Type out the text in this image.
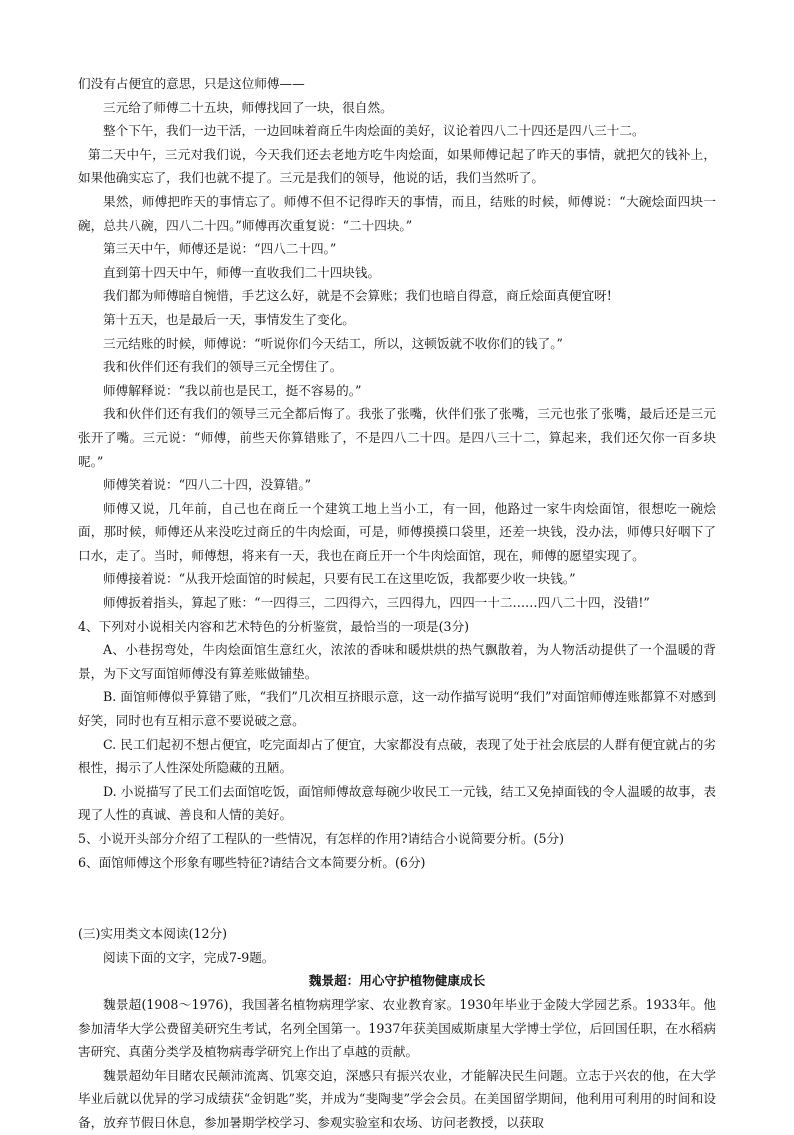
们没有占便宜的意思，只是这位师傅——

三元给了师傅二十五块，师傅找回了一块，很自然。

整个下午，我们一边干活，一边回味着商丘牛肉烩面的美好，议论着四八二十四还是四八三十二。

第二天中午，三元对我们说，今天我们还去老地方吃牛肉烩面，如果师傅记起了昨天的事情，就把欠的钱补上，如果他确实忘了，我们也就不提了。三元是我们的领导，他说的话，我们当然听了。

果然，师傅把昨天的事情忘了。师傅不但不记得昨天的事情，而且，结账的时候，师傅说：“大碗烩面四块一碗，总共八碗，四八二十四。”师傅再次重复说：“二十四块。”

第三天中午，师傅还是说：“四八二十四。”

直到第十四天中午，师傅一直收我们二十四块钱。

我们都为师傅暗自惋惜，手艺这么好，就是不会算账；我们也暗自得意，商丘烩面真便宜呀!

第十五天，也是最后一天，事情发生了变化。

三元结账的时候，师傅说：“听说你们今天结工，所以，这顿饭就不收你们的钱了。”

我和伙伴们还有我们的领导三元全愣住了。

师傅解释说：“我以前也是民工，挺不容易的。”

我和伙伴们还有我们的领导三元全都后悔了。我张了张嘴，伙伴们张了张嘴，三元也张了张嘴，最后还是三元张开了嘴。三元说：“师傅，前些天你算错账了，不是四八二十四。是四八三十二，算起来，我们还欠你一百多块呢。”

师傅笑着说：“四八二十四，没算错。”

师傅又说，几年前，自己也在商丘一个建筑工地上当小工，有一回，他路过一家牛肉烩面馆，很想吃一碗烩面，那时候，师傅还从来没吃过商丘的牛肉烩面，可是，师傅摸摸口袋里，还差一块钱，没办法，师傅只好咽下了口水，走了。当时，师傅想，将来有一天，我也在商丘开一个牛肉烩面馆，现在，师傅的愿望实现了。

师傅接着说：“从我开烩面馆的时候起，只要有民工在这里吃饭，我都要少收一块钱。”

师傅扳着指头，算起了账：“一四得三，二四得六，三四得九，四四一十二……四八二十四，没错!”

4、下列对小说相关内容和艺术特色的分析鉴赏，最恰当的一项是(3分)

A、小巷拐弯处，牛肉烩面馆生意红火，浓浓的香味和暖烘烘的热气飘散着，为人物活动提供了一个温暖的背景，为下文写面馆师傅没有算差账做铺垫。

B. 面馆师傅似乎算错了账，“我们”几次相互挤眼示意，这一动作描写说明“我们”对面馆师傅连账都算不对感到好笑，同时也有互相示意不要说破之意。

C. 民工们起初不想占便宜，吃完面却占了便宜，大家都没有点破，表现了处于社会底层的人群有便宜就占的劣根性，揭示了人性深处所隐藏的丑陋。

D. 小说描写了民工们去面馆吃饭，面馆师傅故意每碗少收民工一元钱，结工又免掉面钱的令人温暖的故事，表现了人性的真诚、善良和人情的美好。

5、小说开头部分介绍了工程队的一些情况，有怎样的作用?请结合小说简要分析。(5分)

6、面馆师傅这个形象有哪些特征?请结合文本简要分析。(6分)

(三)实用类文本阅读(12分)

阅读下面的文字，完成7-9题。

魏景超：用心守护植物健康成长

魏景超(1908～1976)，我国著名植物病理学家、农业教育家。1930年毕业于金陵大学园艺系。1933年。他参加清华大学公费留美研究生考试，名列全国第一。1937年获美国威斯康星大学博士学位，后回国任职，在水稻病害研究、真菌分类学及植物病毒学研究上作出了卓越的贡献。

魏景超幼年目睹农民颠沛流离、饥寒交迫，深感只有振兴农业，才能解决民生问题。立志于兴农的他，在大学毕业后就以优异的学习成绩获“金钥匙”奖，并成为“斐陶斐”学会会员。在美国留学期间，他利用可利用的时间和设备，放弃节假日休息，参加暑期学校学习、参观实验室和农场、访问老教授，以获取
